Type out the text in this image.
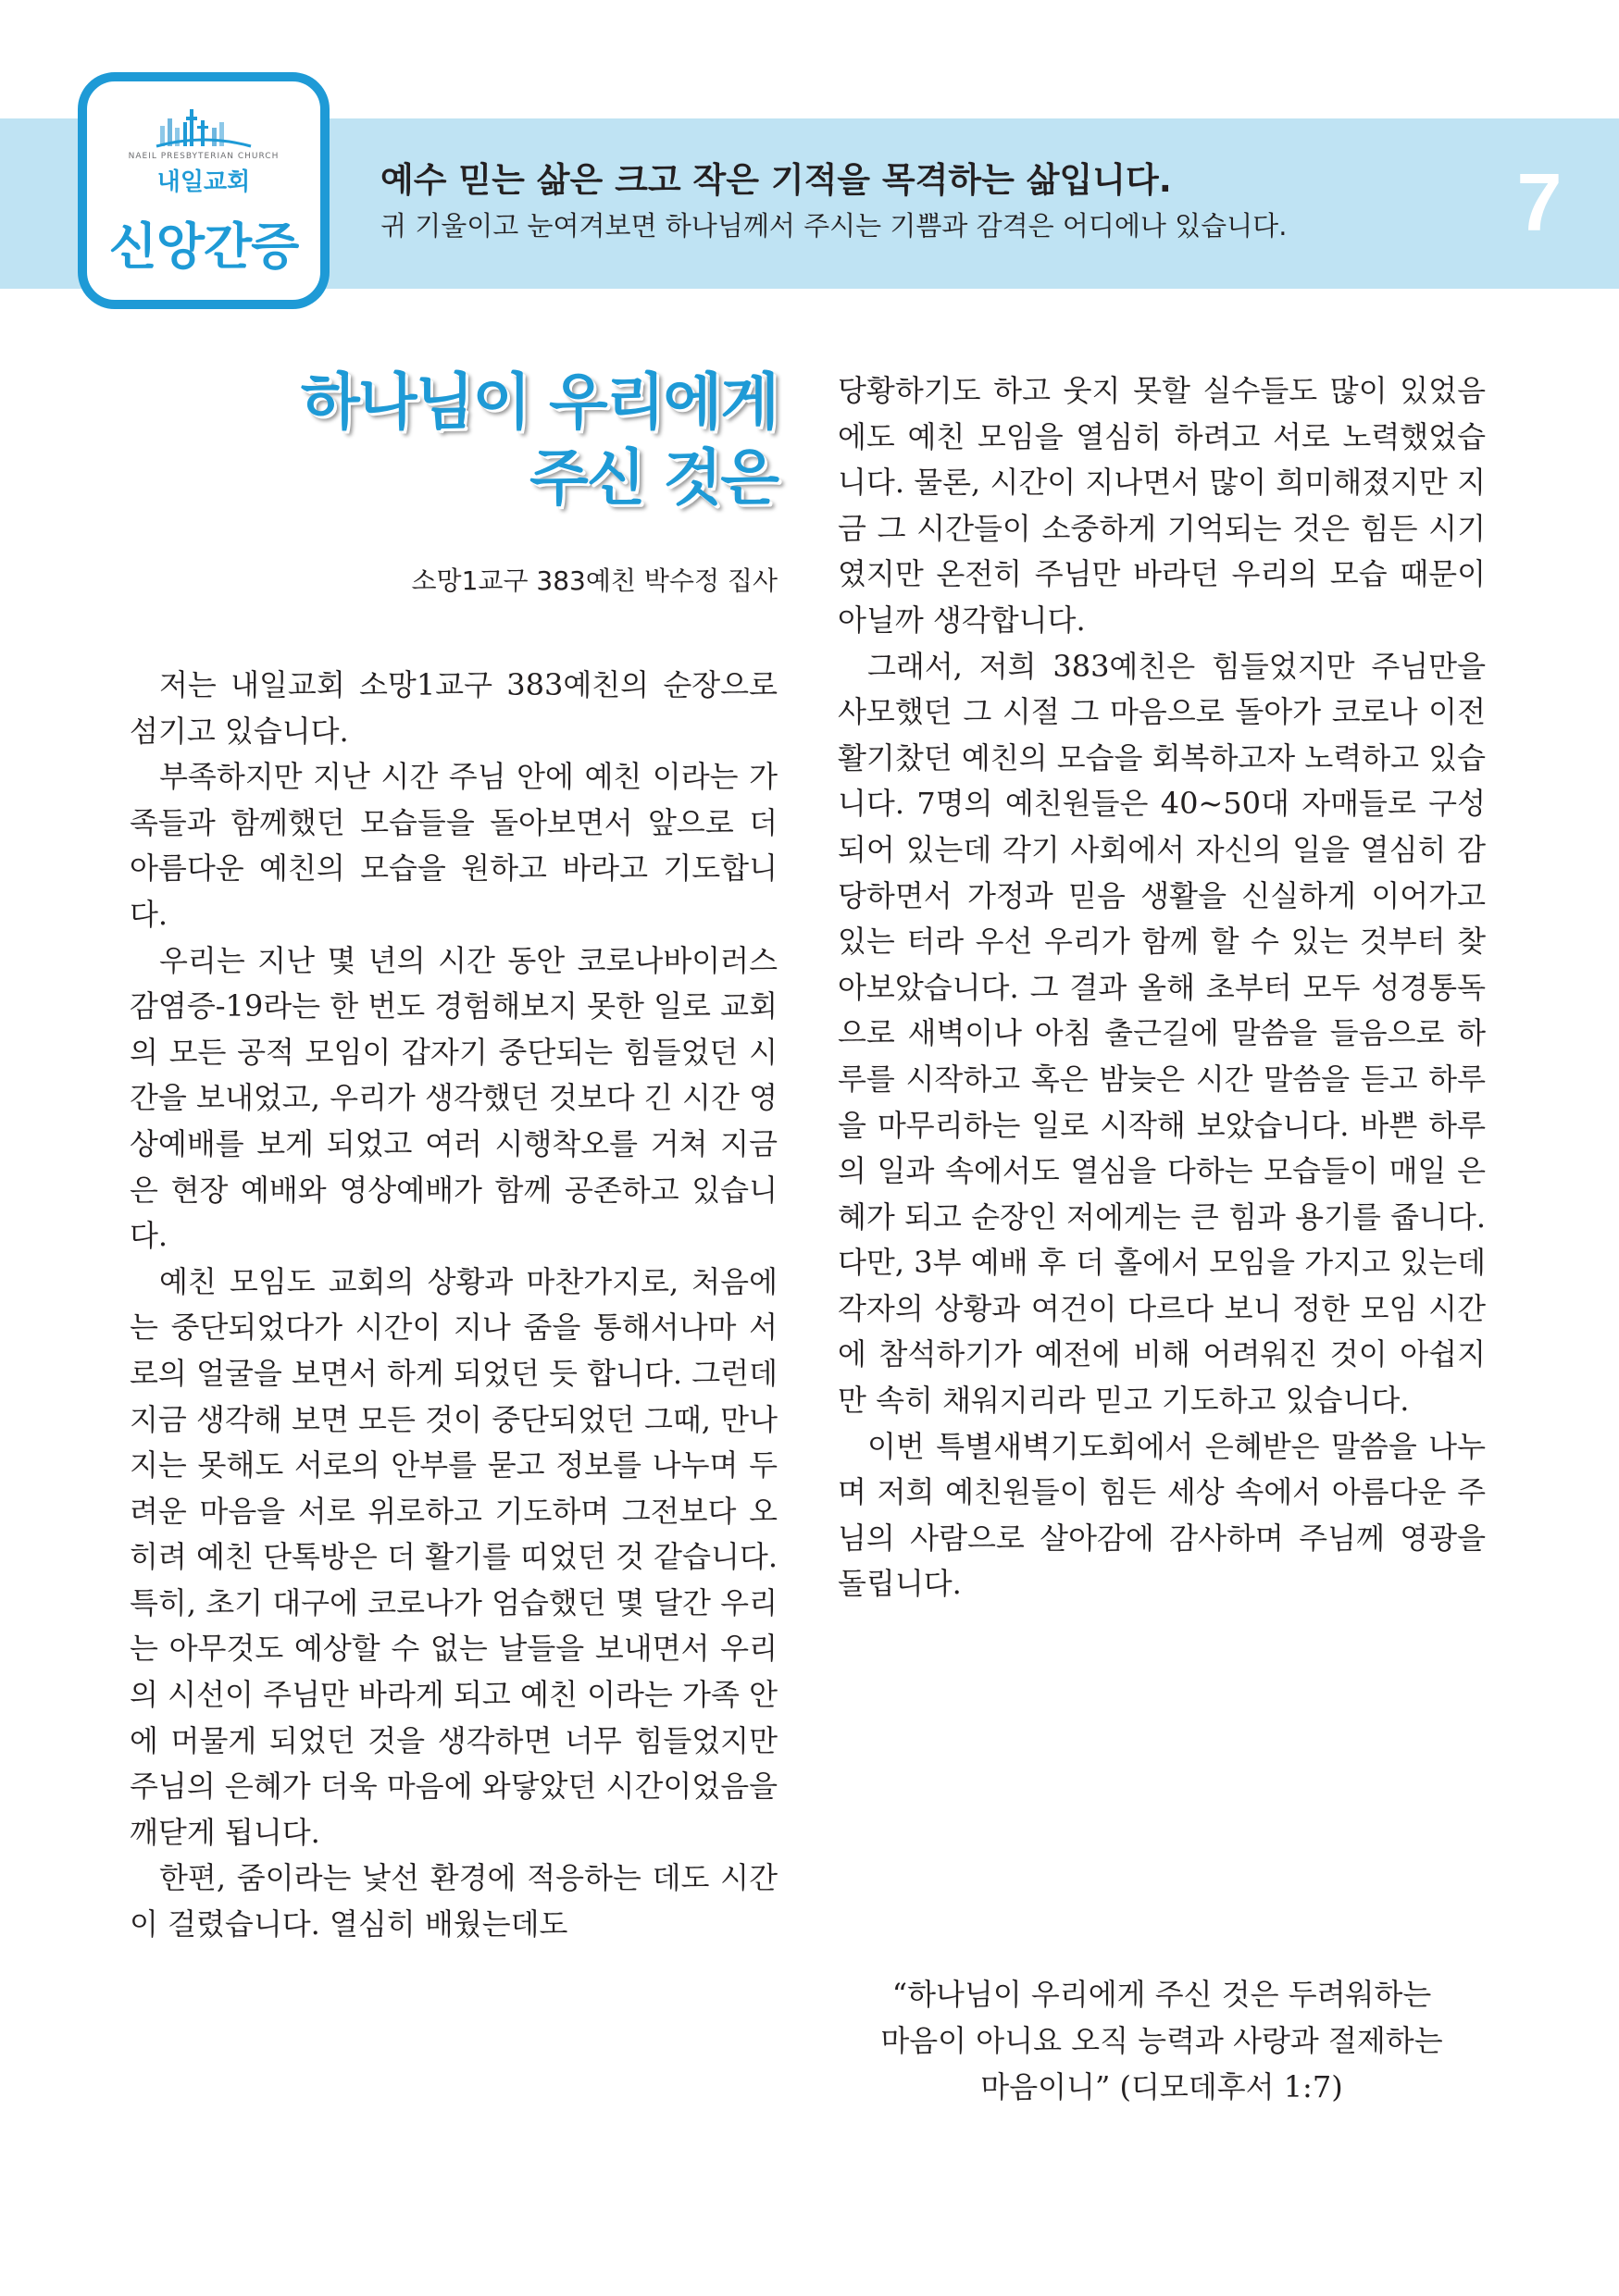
NAEIL PRESBYTERIAN CHURCH
내일교회
신앙간증
예수 믿는 삶은 크고 작은 기적을 목격하는 삶입니다.
귀 기울이고 눈여겨보면 하나님께서 주시는 기쁨과 감격은 어디에나 있습니다.	7
하나님이 우리에게
주신 것은
소망1교구 383예친 박수정 집사

저는 내일교회 소망1교구 383예친의 순장으로 섬기고 있습니다.

부족하지만 지난 시간 주님 안에 예친 이라는 가족들과 함께했던 모습들을 돌아보면서 앞으로 더 아름다운 예친의 모습을 원하고 바라고 기도합니다.

우리는 지난 몇 년의 시간 동안 코로나바이러스감염증-19라는 한 번도 경험해보지 못한 일로 교회의 모든 공적 모임이 갑자기 중단되는 힘들었던 시간을 보내었고, 우리가 생각했던 것보다 긴 시간 영상예배를 보게 되었고 여러 시행착오를 거쳐 지금은 현장 예배와 영상예배가 함께 공존하고 있습니다.

예친 모임도 교회의 상황과 마찬가지로, 처음에는 중단되었다가 시간이 지나 줌을 통해서나마 서로의 얼굴을 보면서 하게 되었던 듯 합니다. 그런데 지금 생각해 보면 모든 것이 중단되었던 그때, 만나지는 못해도 서로의 안부를 묻고 정보를 나누며 두려운 마음을 서로 위로하고 기도하며 그전보다 오히려 예친 단톡방은 더 활기를 띠었던 것 같습니다. 특히, 초기 대구에 코로나가 엄습했던 몇 달간 우리는 아무것도 예상할 수 없는 날들을 보내면서 우리의 시선이 주님만 바라게 되고 예친 이라는 가족 안에 머물게 되었던 것을 생각하면 너무 힘들었지만 주님의 은혜가 더욱 마음에 와닿았던 시간이었음을 깨닫게 됩니다.

한편, 줌이라는 낯선 환경에 적응하는 데도 시간이 걸렸습니다. 열심히 배웠는데도

당황하기도 하고 웃지 못할 실수들도 많이 있었음에도 예친 모임을 열심히 하려고 서로 노력했었습니다. 물론, 시간이 지나면서 많이 희미해졌지만 지금 그 시간들이 소중하게 기억되는 것은 힘든 시기였지만 온전히 주님만 바라던 우리의 모습 때문이 아닐까 생각합니다.

그래서, 저희 383예친은 힘들었지만 주님만을 사모했던 그 시절 그 마음으로 돌아가 코로나 이전 활기찼던 예친의 모습을 회복하고자 노력하고 있습니다. 7명의 예친원들은 40~50대 자매들로 구성되어 있는데 각기 사회에서 자신의 일을 열심히 감당하면서 가정과 믿음 생활을 신실하게 이어가고 있는 터라 우선 우리가 함께 할 수 있는 것부터 찾아보았습니다. 그 결과 올해 초부터 모두 성경통독으로 새벽이나 아침 출근길에 말씀을 들음으로 하루를 시작하고 혹은 밤늦은 시간 말씀을 듣고 하루을 마무리하는 일로 시작해 보았습니다. 바쁜 하루의 일과 속에서도 열심을 다하는 모습들이 매일 은혜가 되고 순장인 저에게는 큰 힘과 용기를 줍니다. 다만, 3부 예배 후 더 홀에서 모임을 가지고 있는데 각자의 상황과 여건이 다르다 보니 정한 모임 시간에 참석하기가 예전에 비해 어려워진 것이 아쉽지만 속히 채워지리라 믿고 기도하고 있습니다.

이번 특별새벽기도회에서 은혜받은 말씀을 나누며 저희 예친원들이 힘든 세상 속에서 아름다운 주님의 사람으로 살아감에 감사하며 주님께 영광을 돌립니다.

“하나님이 우리에게 주신 것은 두려워하는
마음이 아니요 오직 능력과 사랑과 절제하는
마음이니” (디모데후서 1:7)
